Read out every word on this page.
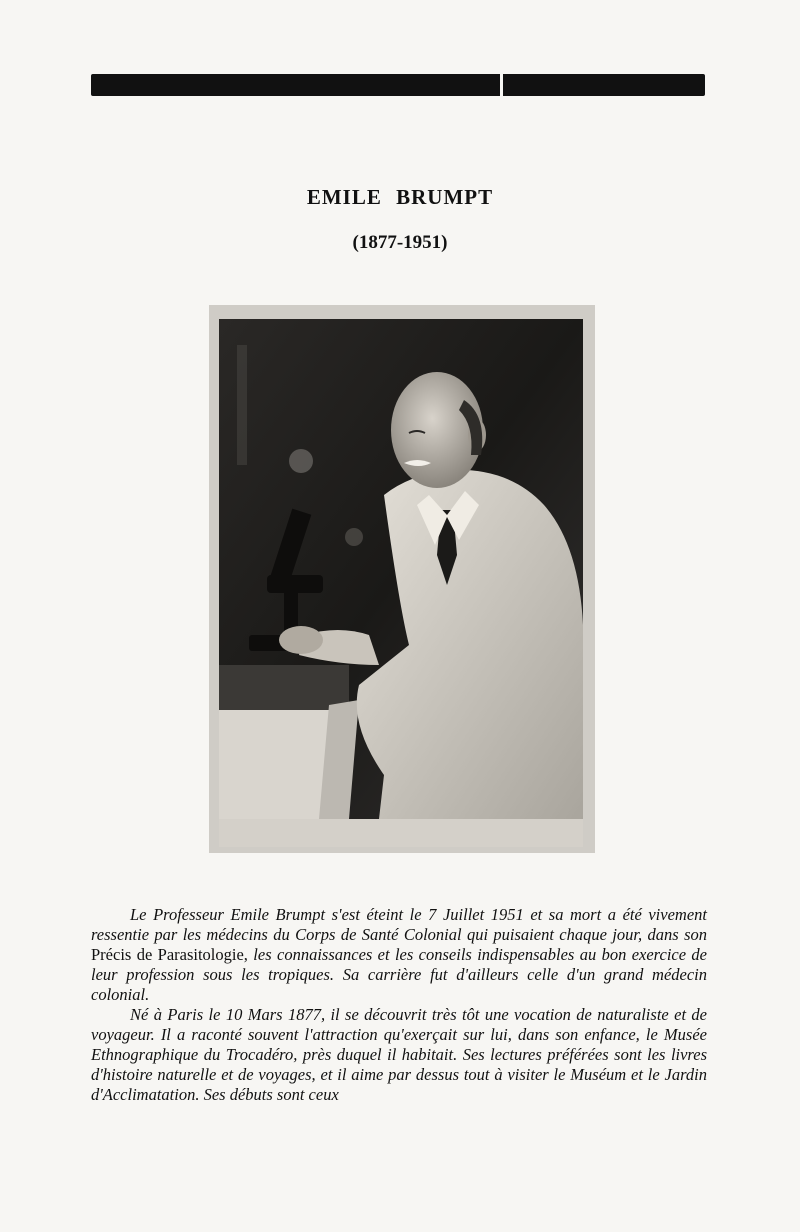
EMILE BRUMPT
(1877-1951)

Le Professeur Emile Brumpt s'est éteint le 7 Juillet 1951 et sa mort a été vivement ressentie par les médecins du Corps de Santé Colonial qui puisaient chaque jour, dans son Précis de Parasitologie, les connaissances et les conseils indispensables au bon exercice de leur profession sous les tropiques. Sa carrière fut d'ailleurs celle d'un grand médecin colonial.

Né à Paris le 10 Mars 1877, il se découvrit très tôt une vocation de naturaliste et de voyageur. Il a raconté souvent l'attraction qu'exerçait sur lui, dans son enfance, le Musée Ethnographique du Trocadéro, près duquel il habitait. Ses lectures préférées sont les livres d'histoire naturelle et de voyages, et il aime par dessus tout à visiter le Muséum et le Jardin d'Acclimatation. Ses débuts sont ceux
